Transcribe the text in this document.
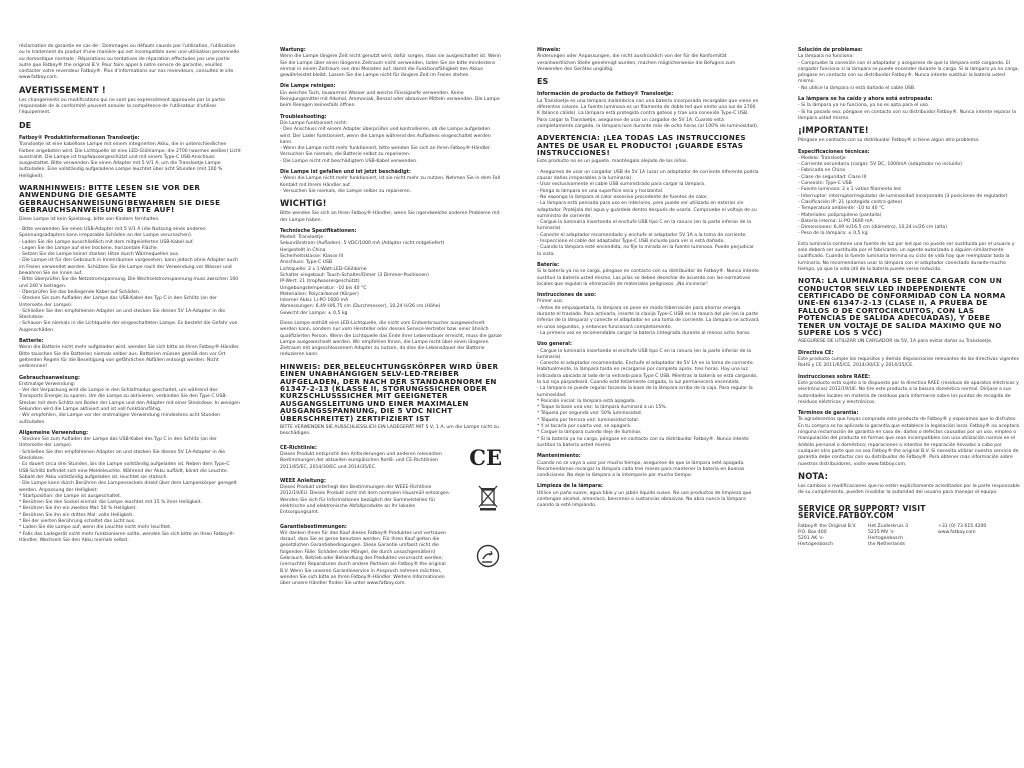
réclamation de garantie en cas de : Dommages ou défauts causés par l'utilisation, l'utilisation ou le traitement du produit d'une manière qui est incompatible avec une utilisation personnelle ou domestique normale ; Réparations ou tentatives de réparation effectuées par une partie autre que Fatboy® the original B.V. Pour faire appel à notre service de garantie, veuillez contacter votre revendeur Fatboy®. Plus d'informations sur nos revendeurs, consultez le site www.fatboy.com.

AVERTISSEMENT !

Les changements ou modifications qui ne sont pas expressément approuvés par la partie responsable de la conformité peuvent annuler la compétence de l'utilisateur d'utiliser l'équipement.

DE
Fatboy® Produktinformationen Transloetje:

Transloetje ist eine kabellose Lampe mit einem integrierten Akku, die in unterschiedlichen Farben angeboten wird. Die Lichtquelle ist eine LED-Glühlampe, die 2700 (warmes weißes) Licht ausstrahlt. Die Lampe ist tropfwassergeschützt und mit einem Type-C USB-Anschluss ausgestattet. Bitte verwenden Sie einen Adapter mit 5 V/1 A, um die Transloetje Lampe aufzuladen. Eine vollständig aufgeladene Lampe leuchtet über acht Stunden (mit 100 % Helligkeit).

WARNHINWEIS: BITTE LESEN SIE VOR DER ANWENDUNG DIE GESAMTE GEBRAUCHSANWEISUNG!BEWAHREN SIE DIESE GEBRAUCHSANWEISUNG BITTE AUF!

Diese Lampe ist kein Spielzeug, bitte von Kindern fernhalten.

- Bitte verwenden Sie einen USB-Adapter mit 5 V/1 A (die Nutzung eines anderen Spannungsadapters kann irreparable Schäden an der Lampe verursachen).
- Laden Sie die Lampe ausschließlich mit dem mitgelieferten USB-Kabel auf.
- Legen Sie die Lampe auf eine trockene, horizontale Fläche.
- Setzen Sie die Lampe keiner starken Hitze durch Wärmequellen aus.
- Die Lampe ist für den Gebrauch in Innenräumen vorgesehen, kann jedoch ohne Adapter auch im Freien verwendet werden. Schützen Sie die Lampe nach der Verwendung vor Wasser und bewahren Sie sie innen auf.
- Bitte überprüfen Sie die Netzstromspannung. Die Wechselstromspannung muss zwischen 100 und 240 V betragen.
- Überprüfen Sie das beiliegende Kabel auf Schäden.
- Stecken Sie zum Aufladen der Lampe das USB-Kabel des Typ C in den Schlitz (an der Unterseite der Lampe).
- Schließen Sie den empfohlenen Adapter an und stecken Sie diesen 5V 1A-Adapter in die Steckdose.
- Schauen Sie niemals in die Lichtquelle der eingeschalteten Lampe. Es besteht die Gefahr von Augenschäden.

Batterie:

Wenn die Batterie nicht mehr aufgeladen wird, wenden Sie sich bitte an Ihren Fatboy®-Händler. Bitte tauschen Sie die Batterien niemals selber aus. Batterien müssen gemäß den vor Ort geltenden Regeln für die Beseitigung von gefährlichen Abfällen entsorgt werden. Nicht verbrennen!

Gebrauchsanweisung:

Erstmalige Verwendung:
- Vor der Verpackung wird die Lampe in den Schlafmodus geschaltet, um während des Transports Energie zu sparen. Um die Lampe zu aktivieren, verbinden Sie den Type C USB-Stecker mit dem Schlitz am Boden der Lampe und den Adapter mit einer Steckdose. In wenigen Sekunden wird die Lampe aktiviert und ist voll funktionsfähig.
- Wir empfehlen, die Lampe vor der erstmaligen Verwendung mindestens acht Stunden aufzuladen.

Allgemeine Verwendung:

- Stecken Sie zum Aufladen der Lampe das USB-Kabel des Typ C in den Schlitz (an der Unterseite der Lampe).
- Schließen Sie den empfohlenen Adapter an und stecken Sie diesen 5V 1A-Adapter in die Steckdose.
- Es dauert circa drei Stunden, bis die Lampe vollständig aufgeladen ist. Neben dem Type-C USB-Schlitz befindet sich eine Meldeleuchte. Während der Akku auflädt, blinkt die Leuchte. Sobald der Akku vollständig aufgeladen ist, leuchtet sie statisch.
- Die Lampe kann durch Berühren des Lampensockels direkt über dem Lampenkörper geregelt werden. Anpassung der Helligkeit:
* Startposition: die Lampe ist ausgeschaltet.
* Berühren Sie den Sockel einmal: die Lampe leuchtet mit 15 % ihrer Helligkeit.
* Berühren Sie ihn ein zweites Mal: 50 % Helligkeit.
* Berühren Sie ihn ein drittes Mal: volle Helligkeit.
* Bei der vierten Berührung schaltet das Licht aus.
* Laden Sie die Lampe auf, wenn die Leuchte nicht mehr leuchtet.
* Falls das Ladegerät nicht mehr funktionieren sollte, wenden Sie sich bitte an Ihren Fatboy®-Händler. Wechseln Sie den Akku niemals selbst.

Wartung:

Wenn die Lampe längere Zeit nicht genutzt wird, dafür sorgen, dass sie ausgeschaltet ist. Wenn Sie die Lampe über einen längeren Zeitraum nicht verwenden, laden Sie sie bitte mindestens einmal in einem Zeitraum von drei Monaten auf, damit die Funktionsfähigkeit des Akkus gewährleistet bleibt. Lassen Sie die Lampe nicht für längere Zeit im Freien stehen.

Die Lampe reinigen:

Ein weiches Tuch, lauwarmes Wasser und weiche Flüssigseife verwenden. Keine Reinigungsmittel mit Alkohol, Ammoniak, Benzol oder abrasiven Mitteln verwenden. Die Lampe beim Reinigen keinesfalls öffnen.

Troubleshooting:

Die Lampe funktioniert nicht:
- Den Anschluss mit einem Adapter überprüfen und kontrollieren, ob die Lampe aufgeladen wird. Der Lader funktioniert, wenn die Lampe während des Aufladens eingeschaltet werden kann.
- Wenn die Lampe nicht mehr funktioniert, bitte wenden Sie sich an Ihren Fatboy®-Händler. Versuchen Sie niemals, die Batterie selbst zu reparieren.
- Die Lampe nicht mit beschädigtem USB-Kabel verwenden.

Die Lampe ist gefallen und ist jetzt beschädigt:

- Wenn die Lampe nicht mehr funktioniert, ist sie nicht mehr zu nutzen. Nehmen Sie in dem Fall Kontakt mit Ihrem Händler auf.
- Versuchen Sie niemals, die Lampe selber zu reparieren.

WICHTIG!

Bitte wenden Sie sich an Ihren Fatboy®-Händler, wenn Sie irgendwelche anderen Probleme mit der Lampe haben.

Technische Spezifikationen:

Modell: Transloetje
Sekundärstrom (Aufladen): 5 VDC/1000 mA (Adapter nicht mitgeliefert)
Hergestellt in China
Sicherheitsklasse: Klasse III
Anschluss: Type-C USB
Lichtquelle: 2 x 1-Watt-LED-Glühbirne
Schalter eingebaut: Touch-Schalter/Dimer (3 Dimmer-Positionen)
IP-Wert: 21 (tropfwassergeschützt)
Umgebungstemperatur: -10 bis 40 °C
Materialien: Polycarbonat (Körper)
Interner Akku: Li-PO 1600 mA
Abmessungen: 6,49 H/6,75 cm (Durchmesser), 10,24 H/26 cm (Höhe)
Gewicht der Lampe: ± 0,5 kg

Diese Lampe enthält eine LED-Lichtquelle, die nicht vom Endverbraucher ausgewechselt werden kann, sondern nur vom Hersteller oder dessen Service-Vertreter bzw. einer ähnlich qualifizierten Person. Wenn die Lichtquelle das Ende ihrer Lebensdauer erreicht, muss die ganze Lampe ausgewechselt werden. Wir empfehlen Ihnen, die Lampe nicht über einen längeren Zeitraum mit angeschlossenem Adapter zu nutzen, da dies die Lebensdauer der Batterie reduzieren kann.

HINWEIS: DER BELEUCHTUNGSKÖRPER WIRD ÜBER EINEN UNABHÄNGIGEN SELV-LED-TREIBER AUFGELADEN, DER NACH DER STANDARDNORM EN 61347-2-13 (KLASSE II, STÖRUNGSSICHER ODER KURZSCHLUSSSICHER MIT GEEIGNETER AUSGANGSLEITUNG UND EINER MAXIMALEN AUSGANGSSPANNUNG, DIE 5 VDC NICHT ÜBERSCHREITET) ZERTIFIZIERT IST

BITTE VERWENDEN SIE AUSSCHLIESSLICH EIN LADEGERÄT MIT 5 V, 1 A, um die Lampe nicht zu beschädigen.

CE-Richtlinie:

Dieses Produkt entspricht den Anforderungen und anderen relevanten Bestimmungen der aktuellen europäischen RoHS- und CE-Richtlinien 2011/65/EC, 2014/30/EC und 2014/35/EC.	CE
WEEE Anleitung:

Dieses Produkt unterliegt den Bestimmungen der WEEE-Richtlinie 2012/19/EU. Dieses Produkt nicht mit dem normalen Hausmüll entsorgen. Wenden Sie sich für Informationen bezüglich der Sammelstellen für elektrische und elektronische Abfallprodukte an Ihr lokales Entsorgungsamt.

Garantiebestimmungen:

Wir danken Ihnen für den Kauf dieses Fatboy® Produktes und vertrauen darauf, dass Sie es gerne benutzen werden. Für Ihren Kauf gelten die gesetzlichen Garantiebedingungen. Diese Garantie umfasst nicht die folgenden Fälle: Schäden oder Mängel, die durch unsachgemäße(n) Gebrauch, Betrieb oder Behandlung des Produktes verursacht werden; (versuchte) Reparaturen durch andere Parteien als Fatboy® the original B.V. Wenn Sie unseren Garantieservice in Anspruch nehmen möchten, wenden Sie sich bitte an Ihren Fatboy®-Händler. Weitere Informationen über unsere Händler finden Sie unter www.fatboy.com.

Hinweis:

Änderungen oder Anpassungen, die nicht ausdrücklich von der für die Konformität verantwortlichen Stelle genehmigt wurden, machen möglicherweise die Befugnis zum Verwenden des Gerätes ungültig.

ES
Información de producto de Fatboy® Transloetje:

La Transloetje es una lámpara inalámbrica con una batería incorporada recargable que viene en diferentes colores. La fuente luminosa es un filamento de doble led que emite una luz de 2700 K (blanco cálido). La lámpara está protegida contra goteos y trae una conexión Type-C USB. Para cargar la Transloetje, asegúrese de usar un cargador de 5V 1A. Cuando está completamente cargada, la lámpara luce durante más de ocho horas (al 100% de luminosidad).

ADVERTENCIA: ¡LEA TODAS LAS INSTRUCCIONES ANTES DE USAR EL PRODUCTO! ¡GUARDE ESTAS INSTRUCCIONES!

Este producto no es un juguete, manténgalo alejado de los niños.

- Asegúrese de usar un cargador USB de 5V 1A (usar un adaptador de corriente diferente podría causar daños irreparables a la luminaria).
- Usar exclusivamente el cable USB suministrado para cargar la lámpara.
- Ponga la lámpara en una superficie seca y horizontal.
- No exponga la lámpara al calor excesivo procedente de fuentes de calor.
- La lámpara está pensada para uso en interiores, pero puede ser utilizada en exterior sin adaptador. Protéjala del agua y guárdela dentro después de usarla. Compruebe el voltaje de su suministro de corriente.
- Cargue la luminaria insertando el enchufe USB tipo C en la ranura (en la parte inferior de la luminaria).
- Conecte el adaptador recomendado y enchufe el adaptador 5V 1A a la toma de corriente.
- Inspeccione el cable del adaptador Type-C USB incluido para ver si está dañado.
- Cuando la lámpara esté encendida, no fije la mirada en la fuente luminosa. Puede perjudicar la vista.

Batería:

Si la batería ya no se carga, póngase en contacto con su distribuidor de Fatboy®. Nunca intente sustituir la batería usted mismo. Las pilas se deben desechar de acuerdo con las normativas locales que regulan la eliminación de materiales peligrosos. ¡No incinerar!

Instrucciones de uso:

Primer uso:
- Antes de empaquetarla, la lámpara se pone en modo hibernación para ahorrar energía durante el traslado. Para activarla, inserte la clavija Type-C USB en la ranura del pie (en la parte inferior de la lámpara) y conecte el adaptador en una toma de corriente. La lámpara se activará en unos segundos, y entonces funcionará completamente.
- La primera vez es recomendable cargar la batería (integrada durante al menos ocho horas.

Uso general:

- Cargue la luminaria insertando el enchufe USB tipo C en la ranura (en la parte inferior de la luminaria).
- Conecte el adaptador recomendado. Enchufe el adaptador de 5V 1A en la toma de corriente. Habitualmente, la lámpara tarda en recargarse por completo aprox. tres horas. Hay una luz indicadora ubicada al lado de la entrada para Type C USB. Mientras la batería se está cargando, la luz roja parpadeará. Cuando esté totalmente cargada, la luz permanecerá encendida.
- La lámpara se puede regular tocando la base de la lámpara arriba de la caja. Para regular la luminosidad:
* Posición inicial: la lámpara está apagada.
* Toque la base una vez: la lámpara iluminará a un 15%.
* Tóquela por segunda vez: 50% luminosidad.
* Tóquela por tercera vez: luminosidad total.
* Y al tocarla por cuarta vez, se apagará.
* Cargue la lámpara cuando deje de iluminar.
* Si la batería ya no carga, póngase en contacto con su distribuidor Fatboy®. Nunca intente sustituir la batería usted mismo.

Mantenimiento:

Cuando no se vaya a usar por mucho tiempo, asegúrese de que la lámpara esté apagada. Recomendamos recargar la lámpara cada tres meses para mantener la batería en buenas condiciones. No deje la lámpara a la intemperie por mucho tiempo.

Limpieza de la lámpara:

Utilice un paño suave, agua tibia y un jabón líquido suave. No use productos de limpieza que contengan alcohol, amoníaco, bencenos o sustancias abrasivas. No abra nunca la lámpara cuando la esté limpiando.

Solución de problemas:

La lámpara no funciona:
- Compruebe la conexión con el adaptador y asegúrese de que la lámpara esté cargando. El cargador funciona si la lámpara se puede encender durante la carga. Si la lámpara ya no carga, póngase en contacto con su distribuidor Fatboy®. Nunca intente sustituir la batería usted mismo.
- No utilice la lámpara si está dañado el cable USB.

La lámpara se ha caído y ahora está estropeada:

- Si la lámpara ya no funciona, ya no es apta para el uso.
- Si ha pasado eso, póngase en contacto con su distribuidor Fatboy®. Nunca intente reparar la lámpara usted mismo.

¡IMPORTANTE!

Póngase en contacto con su distribuidor Fatboy® si tiene algún otro problema.

Especificaciones técnicas:

- Modelo: Transloetje
- Corriente secundaria (carga): 5V DC, 1000mA (adaptador no incluido)
- Fabricada en China
- Clase de seguridad: Clase III
- Conexión: Type-C USB
- Fuente luminosa: 2 x 1 vatios filamento led
- Interruptor: interruptor/regulador de luminosidad incorporado (3 posiciones de regulador)
- Clasificación IP: 21 (protegida contra goteo)
- Temperatura ambiente: -10 to 40 °C
- Materiales: polipropileno (pantalla)
- Batería interna: Li-PO 1600 mA
- Dimensiones: 6,49 in/16,5 cm (diámetro), 10,24 in/26 cm (alta)
- Peso de la lámpara: ± 0,5 kg

Esta luminaria contiene una fuente de luz por led que no puede ser sustituida por el usuario y solo deberá ser sustituida por el fabricante, un agente autorizado o alguien similarmente cualificado. Cuando la fuente luminaria termina su ciclo de vida hay que reemplazar toda la luminaria. No recomendamos usar la lámpara con el adaptador conectado durante mucho tiempo, ya que la vida útil de la batería puede verse reducida.

NOTA: LA LUMINARIA SE DEBE CARGAR CON UN CONDUCTOR SELV LED INDEPENDIENTE CERTIFICADO DE CONFORMIDAD CON LA NORMA UNE-EN 61347-2-13 (CLASE II, A PRUEBA DE FALLOS O DE CORTOCIRCUITOS, CON LAS POTENCIAS DE SALIDA ADECUADAS), Y DEBE TENER UN VOLTAJE DE SALIDA MÁXIMO QUE NO SUPERE LOS 5 VCC)

ASEGÚRESE DE UTILIZAR UN CARGADOR de 5V, 1A para evitar dañar su Transloetje.

Directiva CE:

Este producto cumple los requisitos y demás disposiciones relevantes de las directivas vigentes RoHS y CE 2011/65/CE, 2014/30/CE y 2014/35/CE.

Instrucciones sobre RAEE:

Este producto está sujeto a lo dispuesto por la directiva RAEE (residuos de aparatos eléctricos y electrónicos) 2012/19/UE. No tire este producto a la basura doméstica normal. Diríjase a sus autoridades locales en materia de residuos para informarse sobre los puntos de recogida de residuos eléctricos y electrónicos.

Términos de garantía:

Te agradecemos que hayas comprado este producto de Fatboy® y esperamos que lo disfrutes. En tu compra se ha aplicado la garantía que establece la legislación local. Fatboy® no aceptará ninguna reclamación de garantía en caso de: daños o defectos causados por un uso, empleo o manipulación del producto en formas que sean incompatibles con una utilización normal en el ámbito personal o doméstico; reparaciones o intentos de reparación llevados a cabo por cualquier otra parte que no sea Fatboy® the original B.V. Si necesita utilizar nuestro servicio de garantía debe contactar con su distribuidor de Fatboy®. Para obtener más información sobre nuestros distribuidores, visite www.fatboy.com.

NOTA:

Los cambios o modificaciones que no estén explícitamente acreditados por la parte responsable de su cumplimiento, pueden invalidar la autoridad del usuario para manejar el equipo.

SERVICE OR SUPPORT? VISIT SERVICE.FATBOY.COM
Fatboy® the Original B.V.
P.O. Box 400
5201 AK 's-Hertogenbosch
Het Zuiderkruis 3
5215 MV 's-Hertogenbosch
the Netherlands
+31 (0) 73 615 4200
www.fatboy.com
